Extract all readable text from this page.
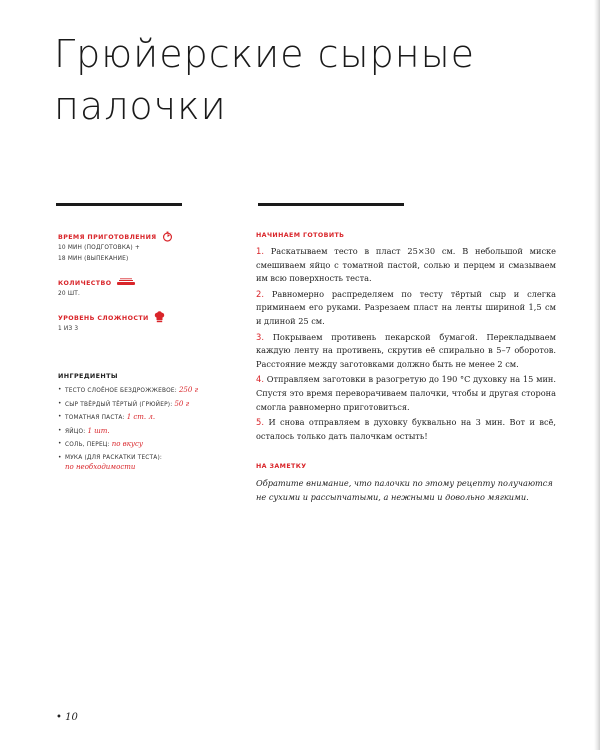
Грюйерские сырные
палочки
ВРЕМЯ ПРИГОТОВЛЕНИЯ
10 МИН (ПОДГОТОВКА) +
18 МИН (ВЫПЕКАНИЕ)
КОЛИЧЕСТВО
20 ШТ.
УРОВЕНЬ СЛОЖНОСТИ
1 ИЗ 3
ИНГРЕДИЕНТЫ
• ТЕСТО СЛОЁНОЕ БЕЗДРОЖЖЕВОЕ: 250 г
• СЫР ТВЁРДЫЙ ТЁРТЫЙ (ГРЮЙЕР): 50 г
• ТОМАТНАЯ ПАСТА: 1 ст. л.
• ЯЙЦО: 1 шт.
• СОЛЬ, ПЕРЕЦ: по вкусу
• МУКА (ДЛЯ РАСКАТКИ ТЕСТА):
по необходимости
НАЧИНАЕМ ГОТОВИТЬ

1. Раскатываем тесто в пласт 25×30 см. В небольшой миске смешиваем яйцо с томатной пастой, солью и перцем и смазываем им всю поверхность теста.

2. Равномерно распределяем по тесту тёртый сыр и слегка приминаем его руками. Разрезаем пласт на ленты шириной 1,5 см и длиной 25 см.

3. Покрываем противень пекарской бумагой. Перекладываем каждую ленту на противень, скрутив её спирально в 5–7 оборотов. Расстояние между заготовками должно быть не менее 2 см.

4. Отправляем заготовки в разогретую до 190 °С духовку на 15 мин. Спустя это время переворачиваем палочки, чтобы и другая сторона смогла равномерно приготовиться.

5. И снова отправляем в духовку буквально на 3 мин. Вот и всё, осталось только дать палочкам остыть!

НА ЗАМЕТКУ

Обратите внимание, что палочки по этому рецепту получаются не сухими и рассыпчатыми, а нежными и довольно мягкими.

• 10
